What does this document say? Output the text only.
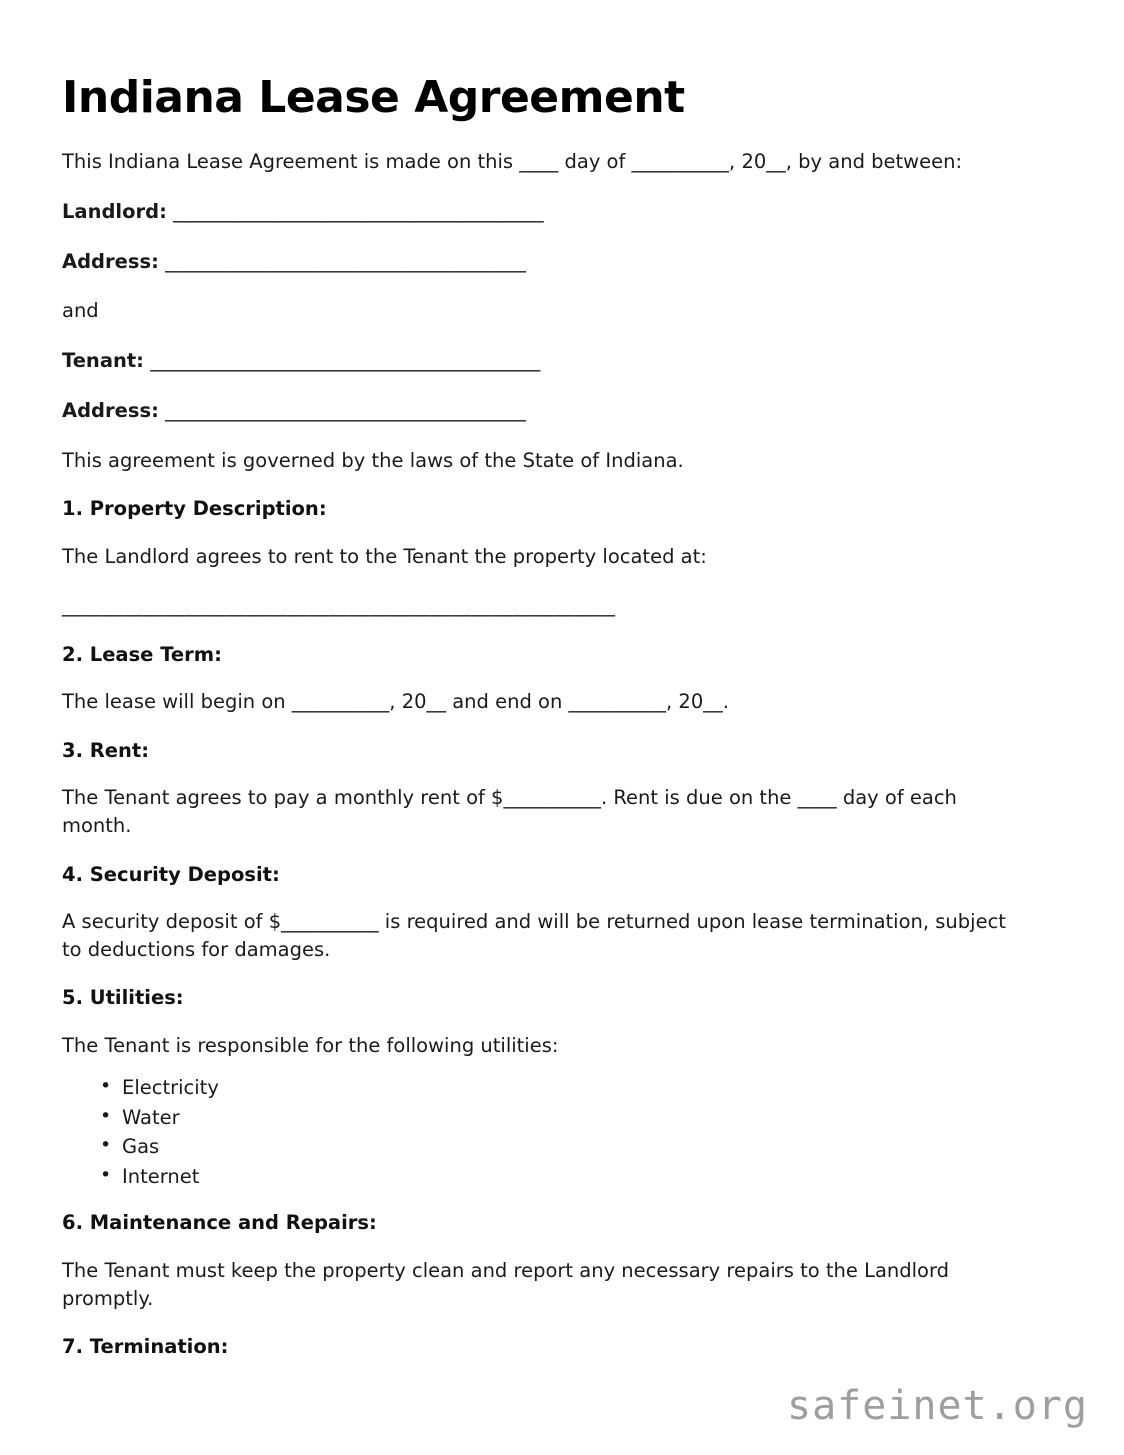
Indiana Lease Agreement

This Indiana Lease Agreement is made on this ____ day of __________, 20__, by and between:

Landlord: ______________________________________

Address: _____________________________________

and

Tenant: ________________________________________

Address: _____________________________________

This agreement is governed by the laws of the State of Indiana.

1. Property Description:

The Landlord agrees to rent to the Tenant the property located at:

______________________________________________________
2. Lease Term:

The lease will begin on __________, 20__ and end on __________, 20__.

3. Rent:

The Tenant agrees to pay a monthly rent of $__________. Rent is due on the ____ day of each month.

4. Security Deposit:

A security deposit of $__________ is required and will be returned upon lease termination, subject to deductions for damages.

5. Utilities:

The Tenant is responsible for the following utilities:

• Electricity
• Water
• Gas
• Internet
6. Maintenance and Repairs:

The Tenant must keep the property clean and report any necessary repairs to the Landlord promptly.

7. Termination:
safeinet.org
